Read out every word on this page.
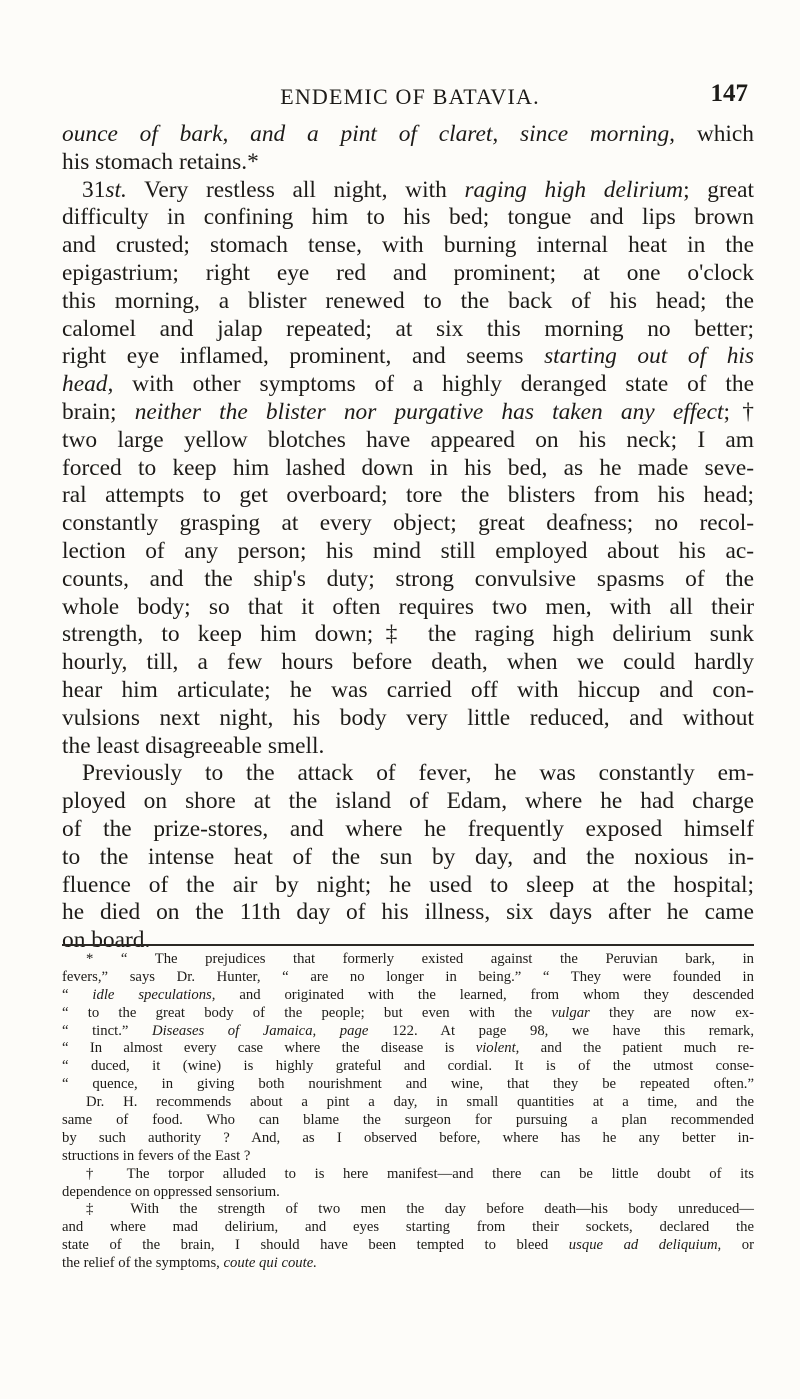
ENDEMIC OF BATAVIA.	147
ounce of bark, and a pint of claret, since morning, which
his stomach retains.*
31st. Very restless all night, with raging high delirium; great
difficulty in confining him to his bed; tongue and lips brown
and crusted; stomach tense, with burning internal heat in the
epigastrium; right eye red and prominent; at one o'clock
this morning, a blister renewed to the back of his head; the
calomel and jalap repeated; at six this morning no better;
right eye inflamed, prominent, and seems starting out of his
head, with other symptoms of a highly deranged state of the
brain; neither the blister nor purgative has taken any effect;†
two large yellow blotches have appeared on his neck; I am
forced to keep him lashed down in his bed, as he made seve-
ral attempts to get overboard; tore the blisters from his head;
constantly grasping at every object; great deafness; no recol-
lection of any person; his mind still employed about his ac-
counts, and the ship's duty; strong convulsive spasms of the
whole body; so that it often requires two men, with all their
strength, to keep him down;‡ the raging high delirium sunk
hourly, till, a few hours before death, when we could hardly
hear him articulate; he was carried off with hiccup and con-
vulsions next night, his body very little reduced, and without
the least disagreeable smell.
Previously to the attack of fever, he was constantly em-
ployed on shore at the island of Edam, where he had charge
of the prize-stores, and where he frequently exposed himself
to the intense heat of the sun by day, and the noxious in-
fluence of the air by night; he used to sleep at the hospital;
he died on the 11th day of his illness, six days after he came
on board.
* “ The prejudices that formerly existed against the Peruvian bark, in
fevers,” says Dr. Hunter, “ are no longer in being.” “ They were founded in
“ idle speculations, and originated with the learned, from whom they descended
“ to the great body of the people; but even with the vulgar they are now ex-
“ tinct.” Diseases of Jamaica, page 122. At page 98, we have this remark,
“ In almost every case where the disease is violent, and the patient much re-
“ duced, it (wine) is highly grateful and cordial. It is of the utmost conse-
“ quence, in giving both nourishment and wine, that they be repeated often.”
Dr. H. recommends about a pint a day, in small quantities at a time, and the
same of food. Who can blame the surgeon for pursuing a plan recommended
by such authority ? And, as I observed before, where has he any better in-
structions in fevers of the East ?
† The torpor alluded to is here manifest—and there can be little doubt of its
dependence on oppressed sensorium.
‡ With the strength of two men the day before death—his body unreduced—
and where mad delirium, and eyes starting from their sockets, declared the
state of the brain, I should have been tempted to bleed usque ad deliquium, or
the relief of the symptoms, coute qui coute.
